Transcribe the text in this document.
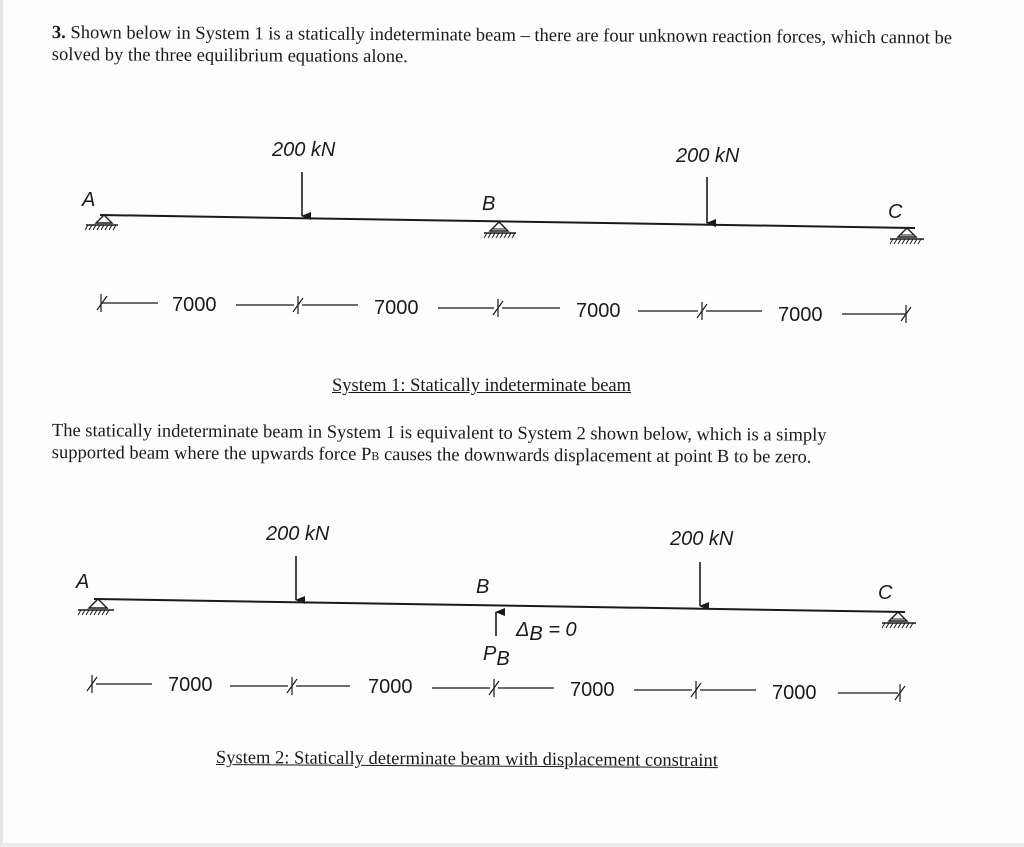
3. Shown below in System 1 is a statically indeterminate beam – there are four unknown reaction forces, which cannot be solved by the three equilibrium equations alone.

The statically indeterminate beam in System 1 is equivalent to System 2 shown below, which is a simply
supported beam where the upwards force PB causes the downwards displacement at point B to be zero.

System 1: Statically indeterminate beam
System 2: Statically determinate beam with displacement constraint
200 kN	200 kN
A	B	C
7000	7000	7000	7000
200 kN	200 kN
A	B	C
ΔB = 0
PB
7000	7000	7000	7000
